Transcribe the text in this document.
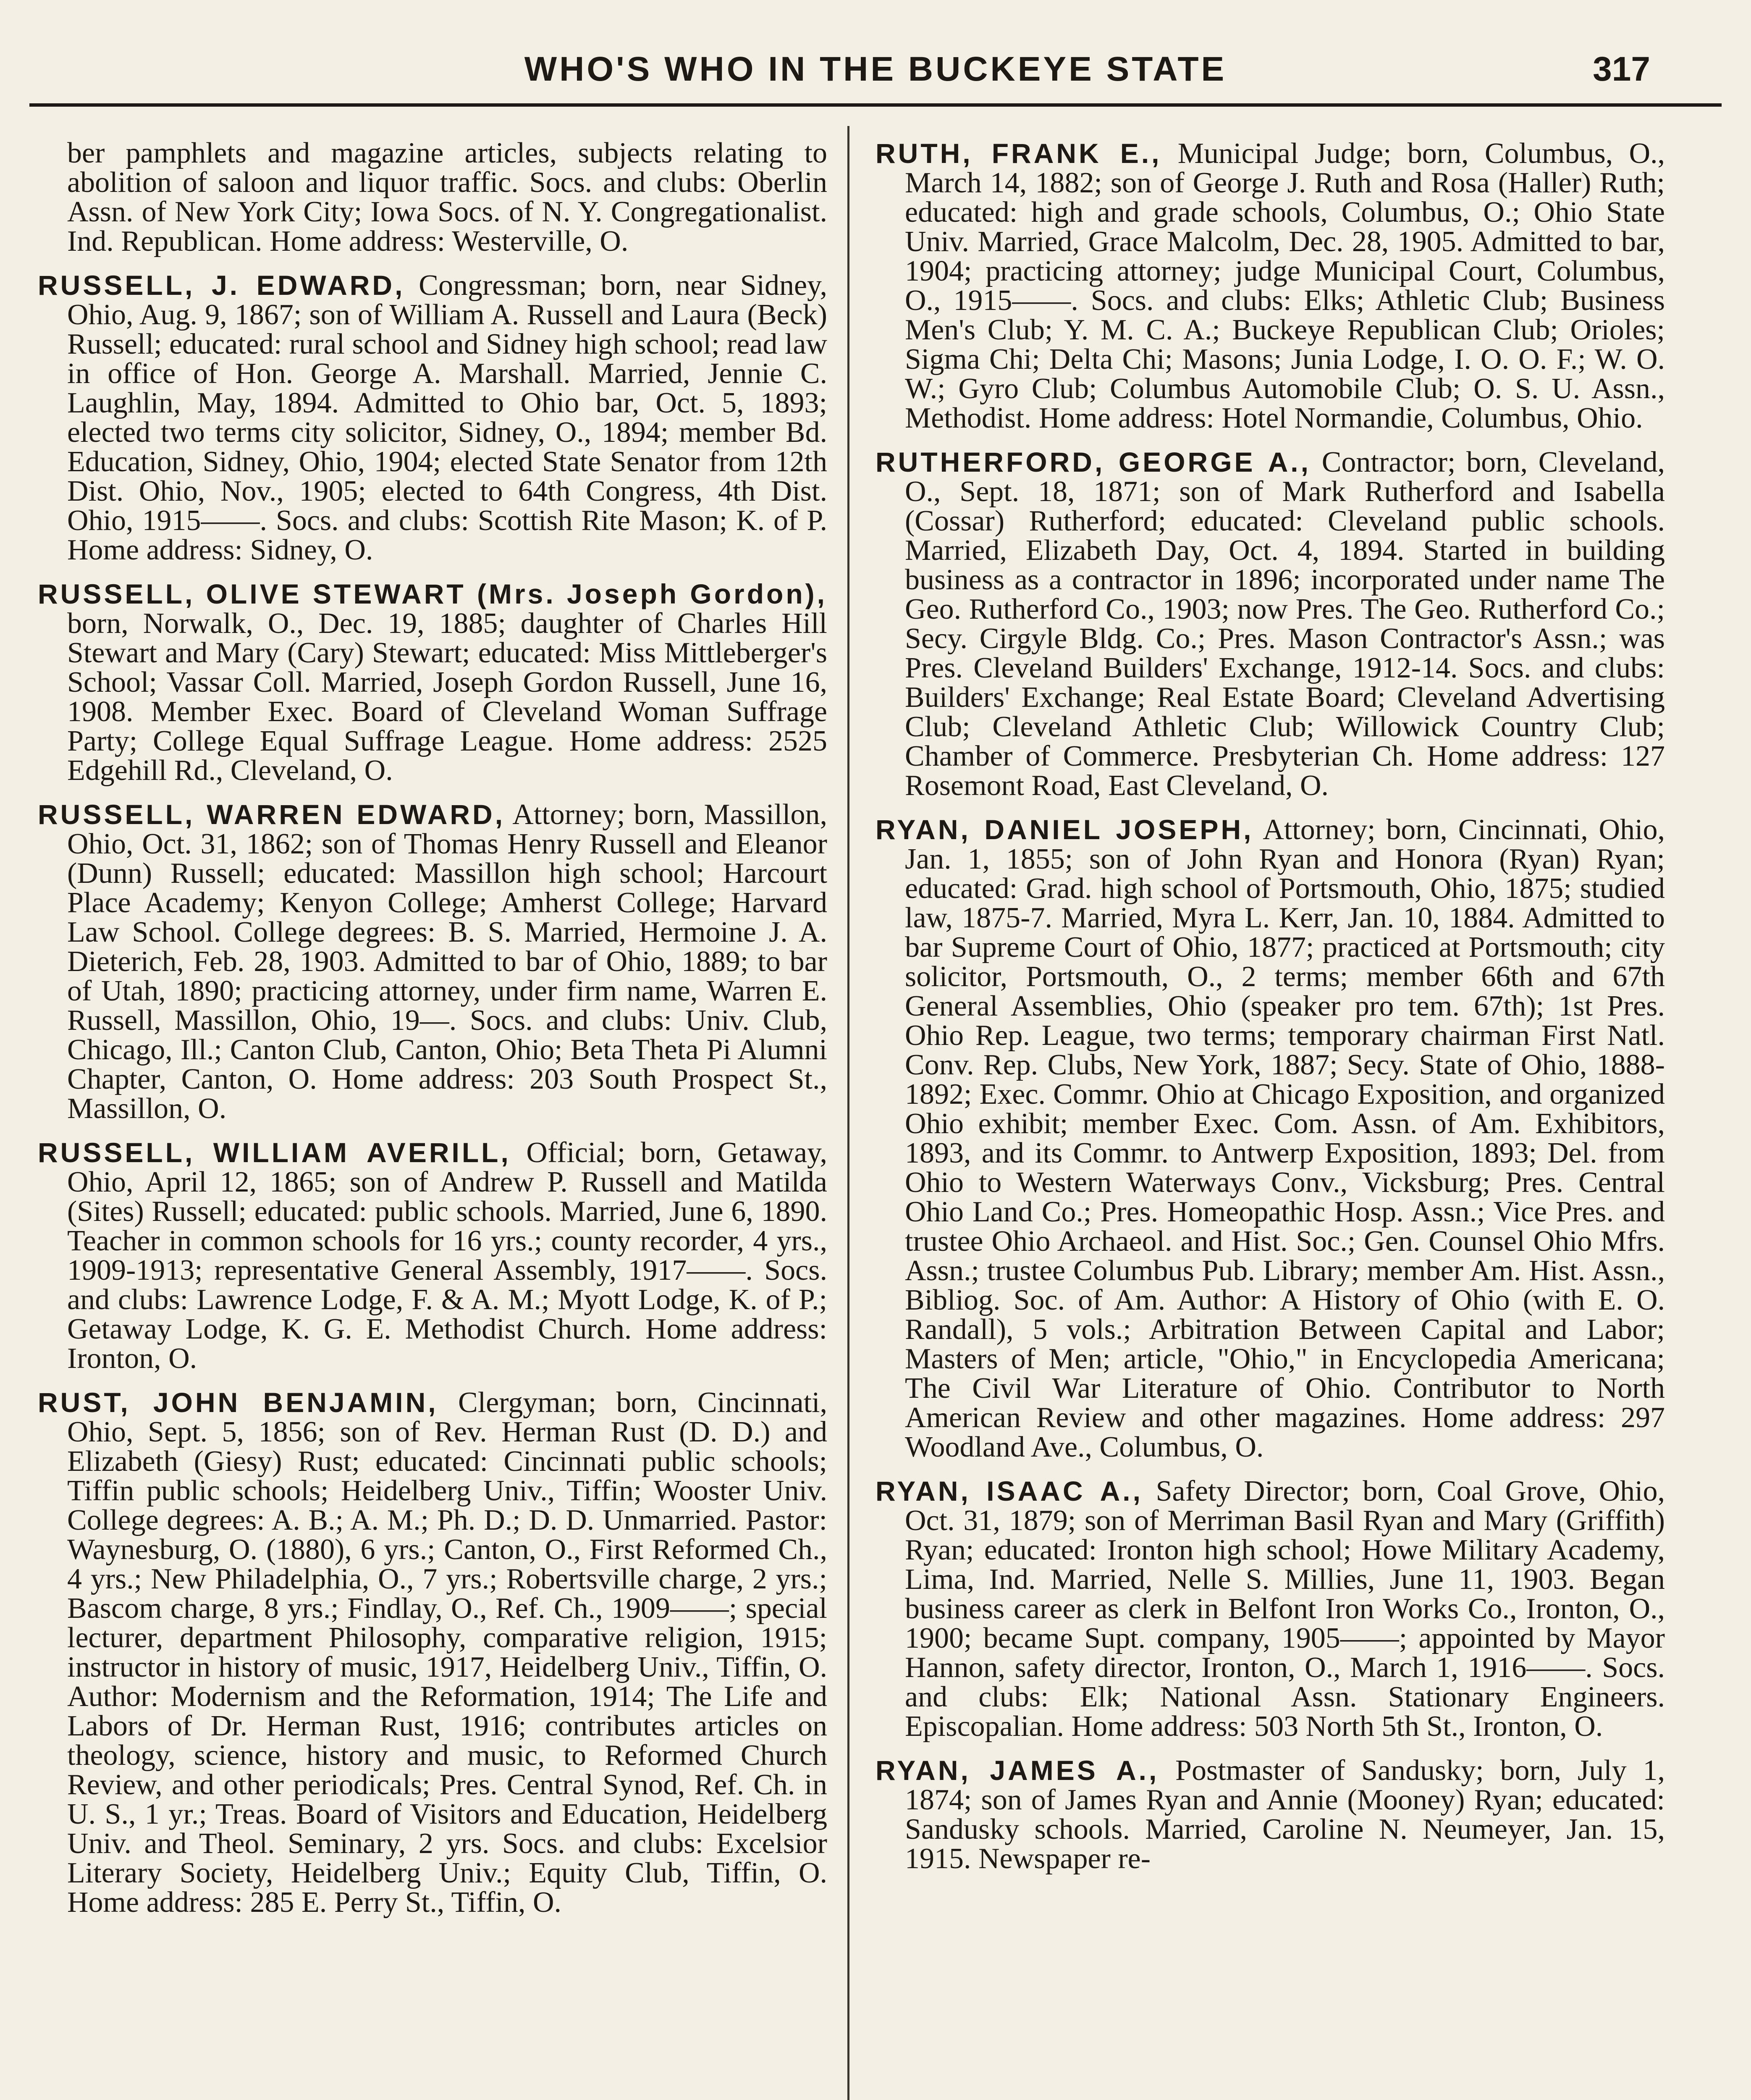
WHO'S WHO IN THE BUCKEYE STATE	317

ber pamphlets and magazine articles, subjects relating to abolition of saloon and liquor traffic. Socs. and clubs: Oberlin Assn. of New York City; Iowa Socs. of N. Y. Congregationalist. Ind. Republican. Home address: Westerville, O.

RUSSELL, J. EDWARD, Congressman; born, near Sidney, Ohio, Aug. 9, 1867; son of William A. Russell and Laura (Beck) Russell; educated: rural school and Sidney high school; read law in office of Hon. George A. Marshall. Married, Jennie C. Laughlin, May, 1894. Admitted to Ohio bar, Oct. 5, 1893; elected two terms city solicitor, Sidney, O., 1894; member Bd. Education, Sidney, Ohio, 1904; elected State Senator from 12th Dist. Ohio, Nov., 1905; elected to 64th Congress, 4th Dist. Ohio, 1915——. Socs. and clubs: Scottish Rite Mason; K. of P. Home address: Sidney, O.

RUSSELL, OLIVE STEWART (Mrs. Joseph Gordon), born, Norwalk, O., Dec. 19, 1885; daughter of Charles Hill Stewart and Mary (Cary) Stewart; educated: Miss Mittleberger's School; Vassar Coll. Married, Joseph Gordon Russell, June 16, 1908. Member Exec. Board of Cleveland Woman Suffrage Party; College Equal Suffrage League. Home address: 2525 Edgehill Rd., Cleveland, O.

RUSSELL, WARREN EDWARD, Attorney; born, Massillon, Ohio, Oct. 31, 1862; son of Thomas Henry Russell and Eleanor (Dunn) Russell; educated: Massillon high school; Harcourt Place Academy; Kenyon College; Amherst College; Harvard Law School. College degrees: B. S. Married, Hermoine J. A. Dieterich, Feb. 28, 1903. Admitted to bar of Ohio, 1889; to bar of Utah, 1890; practicing attorney, under firm name, Warren E. Russell, Massillon, Ohio, 19—. Socs. and clubs: Univ. Club, Chicago, Ill.; Canton Club, Canton, Ohio; Beta Theta Pi Alumni Chapter, Canton, O. Home address: 203 South Prospect St., Massillon, O.

RUSSELL, WILLIAM AVERILL, Official; born, Getaway, Ohio, April 12, 1865; son of Andrew P. Russell and Matilda (Sites) Russell; educated: public schools. Married, June 6, 1890. Teacher in common schools for 16 yrs.; county recorder, 4 yrs., 1909-1913; representative General Assembly, 1917——. Socs. and clubs: Lawrence Lodge, F. & A. M.; Myott Lodge, K. of P.; Getaway Lodge, K. G. E. Methodist Church. Home address: Ironton, O.

RUST, JOHN BENJAMIN, Clergyman; born, Cincinnati, Ohio, Sept. 5, 1856; son of Rev. Herman Rust (D. D.) and Elizabeth (Giesy) Rust; educated: Cincinnati public schools; Tiffin public schools; Heidelberg Univ., Tiffin; Wooster Univ. College degrees: A. B.; A. M.; Ph. D.; D. D. Unmarried. Pastor: Waynesburg, O. (1880), 6 yrs.; Canton, O., First Reformed Ch., 4 yrs.; New Philadelphia, O., 7 yrs.; Robertsville charge, 2 yrs.; Bascom charge, 8 yrs.; Findlay, O., Ref. Ch., 1909——; special lecturer, department Philosophy, comparative religion, 1915; instructor in history of music, 1917, Heidelberg Univ., Tiffin, O. Author: Modernism and the Reformation, 1914; The Life and Labors of Dr. Herman Rust, 1916; contributes articles on theology, science, history and music, to Reformed Church Review, and other periodicals; Pres. Central Synod, Ref. Ch. in U. S., 1 yr.; Treas. Board of Visitors and Education, Heidelberg Univ. and Theol. Seminary, 2 yrs. Socs. and clubs: Excelsior Literary Society, Heidelberg Univ.; Equity Club, Tiffin, O. Home address: 285 E. Perry St., Tiffin, O.

RUTH, FRANK E., Municipal Judge; born, Columbus, O., March 14, 1882; son of George J. Ruth and Rosa (Haller) Ruth; educated: high and grade schools, Columbus, O.; Ohio State Univ. Married, Grace Malcolm, Dec. 28, 1905. Admitted to bar, 1904; practicing attorney; judge Municipal Court, Columbus, O., 1915——. Socs. and clubs: Elks; Athletic Club; Business Men's Club; Y. M. C. A.; Buckeye Republican Club; Orioles; Sigma Chi; Delta Chi; Masons; Junia Lodge, I. O. O. F.; W. O. W.; Gyro Club; Columbus Automobile Club; O. S. U. Assn., Methodist. Home address: Hotel Normandie, Columbus, Ohio.

RUTHERFORD, GEORGE A., Contractor; born, Cleveland, O., Sept. 18, 1871; son of Mark Rutherford and Isabella (Cossar) Rutherford; educated: Cleveland public schools. Married, Elizabeth Day, Oct. 4, 1894. Started in building business as a contractor in 1896; incorporated under name The Geo. Rutherford Co., 1903; now Pres. The Geo. Rutherford Co.; Secy. Cirgyle Bldg. Co.; Pres. Mason Contractor's Assn.; was Pres. Cleveland Builders' Exchange, 1912-14. Socs. and clubs: Builders' Exchange; Real Estate Board; Cleveland Advertising Club; Cleveland Athletic Club; Willowick Country Club; Chamber of Commerce. Presbyterian Ch. Home address: 127 Rosemont Road, East Cleveland, O.

RYAN, DANIEL JOSEPH, Attorney; born, Cincinnati, Ohio, Jan. 1, 1855; son of John Ryan and Honora (Ryan) Ryan; educated: Grad. high school of Portsmouth, Ohio, 1875; studied law, 1875-7. Married, Myra L. Kerr, Jan. 10, 1884. Admitted to bar Supreme Court of Ohio, 1877; practiced at Portsmouth; city solicitor, Portsmouth, O., 2 terms; member 66th and 67th General Assemblies, Ohio (speaker pro tem. 67th); 1st Pres. Ohio Rep. League, two terms; temporary chairman First Natl. Conv. Rep. Clubs, New York, 1887; Secy. State of Ohio, 1888-1892; Exec. Commr. Ohio at Chicago Exposition, and organized Ohio exhibit; member Exec. Com. Assn. of Am. Exhibitors, 1893, and its Commr. to Antwerp Exposition, 1893; Del. from Ohio to Western Waterways Conv., Vicksburg; Pres. Central Ohio Land Co.; Pres. Homeopathic Hosp. Assn.; Vice Pres. and trustee Ohio Archaeol. and Hist. Soc.; Gen. Counsel Ohio Mfrs. Assn.; trustee Columbus Pub. Library; member Am. Hist. Assn., Bibliog. Soc. of Am. Author: A History of Ohio (with E. O. Randall), 5 vols.; Arbitration Between Capital and Labor; Masters of Men; article, "Ohio," in Encyclopedia Americana; The Civil War Literature of Ohio. Contributor to North American Review and other magazines. Home address: 297 Woodland Ave., Columbus, O.

RYAN, ISAAC A., Safety Director; born, Coal Grove, Ohio, Oct. 31, 1879; son of Merriman Basil Ryan and Mary (Griffith) Ryan; educated: Ironton high school; Howe Military Academy, Lima, Ind. Married, Nelle S. Millies, June 11, 1903. Began business career as clerk in Belfont Iron Works Co., Ironton, O., 1900; became Supt. company, 1905——; appointed by Mayor Hannon, safety director, Ironton, O., March 1, 1916——. Socs. and clubs: Elk; National Assn. Stationary Engineers. Episcopalian. Home address: 503 North 5th St., Ironton, O.

RYAN, JAMES A., Postmaster of Sandusky; born, July 1, 1874; son of James Ryan and Annie (Mooney) Ryan; educated: Sandusky schools. Married, Caroline N. Neumeyer, Jan. 15, 1915. Newspaper re-
